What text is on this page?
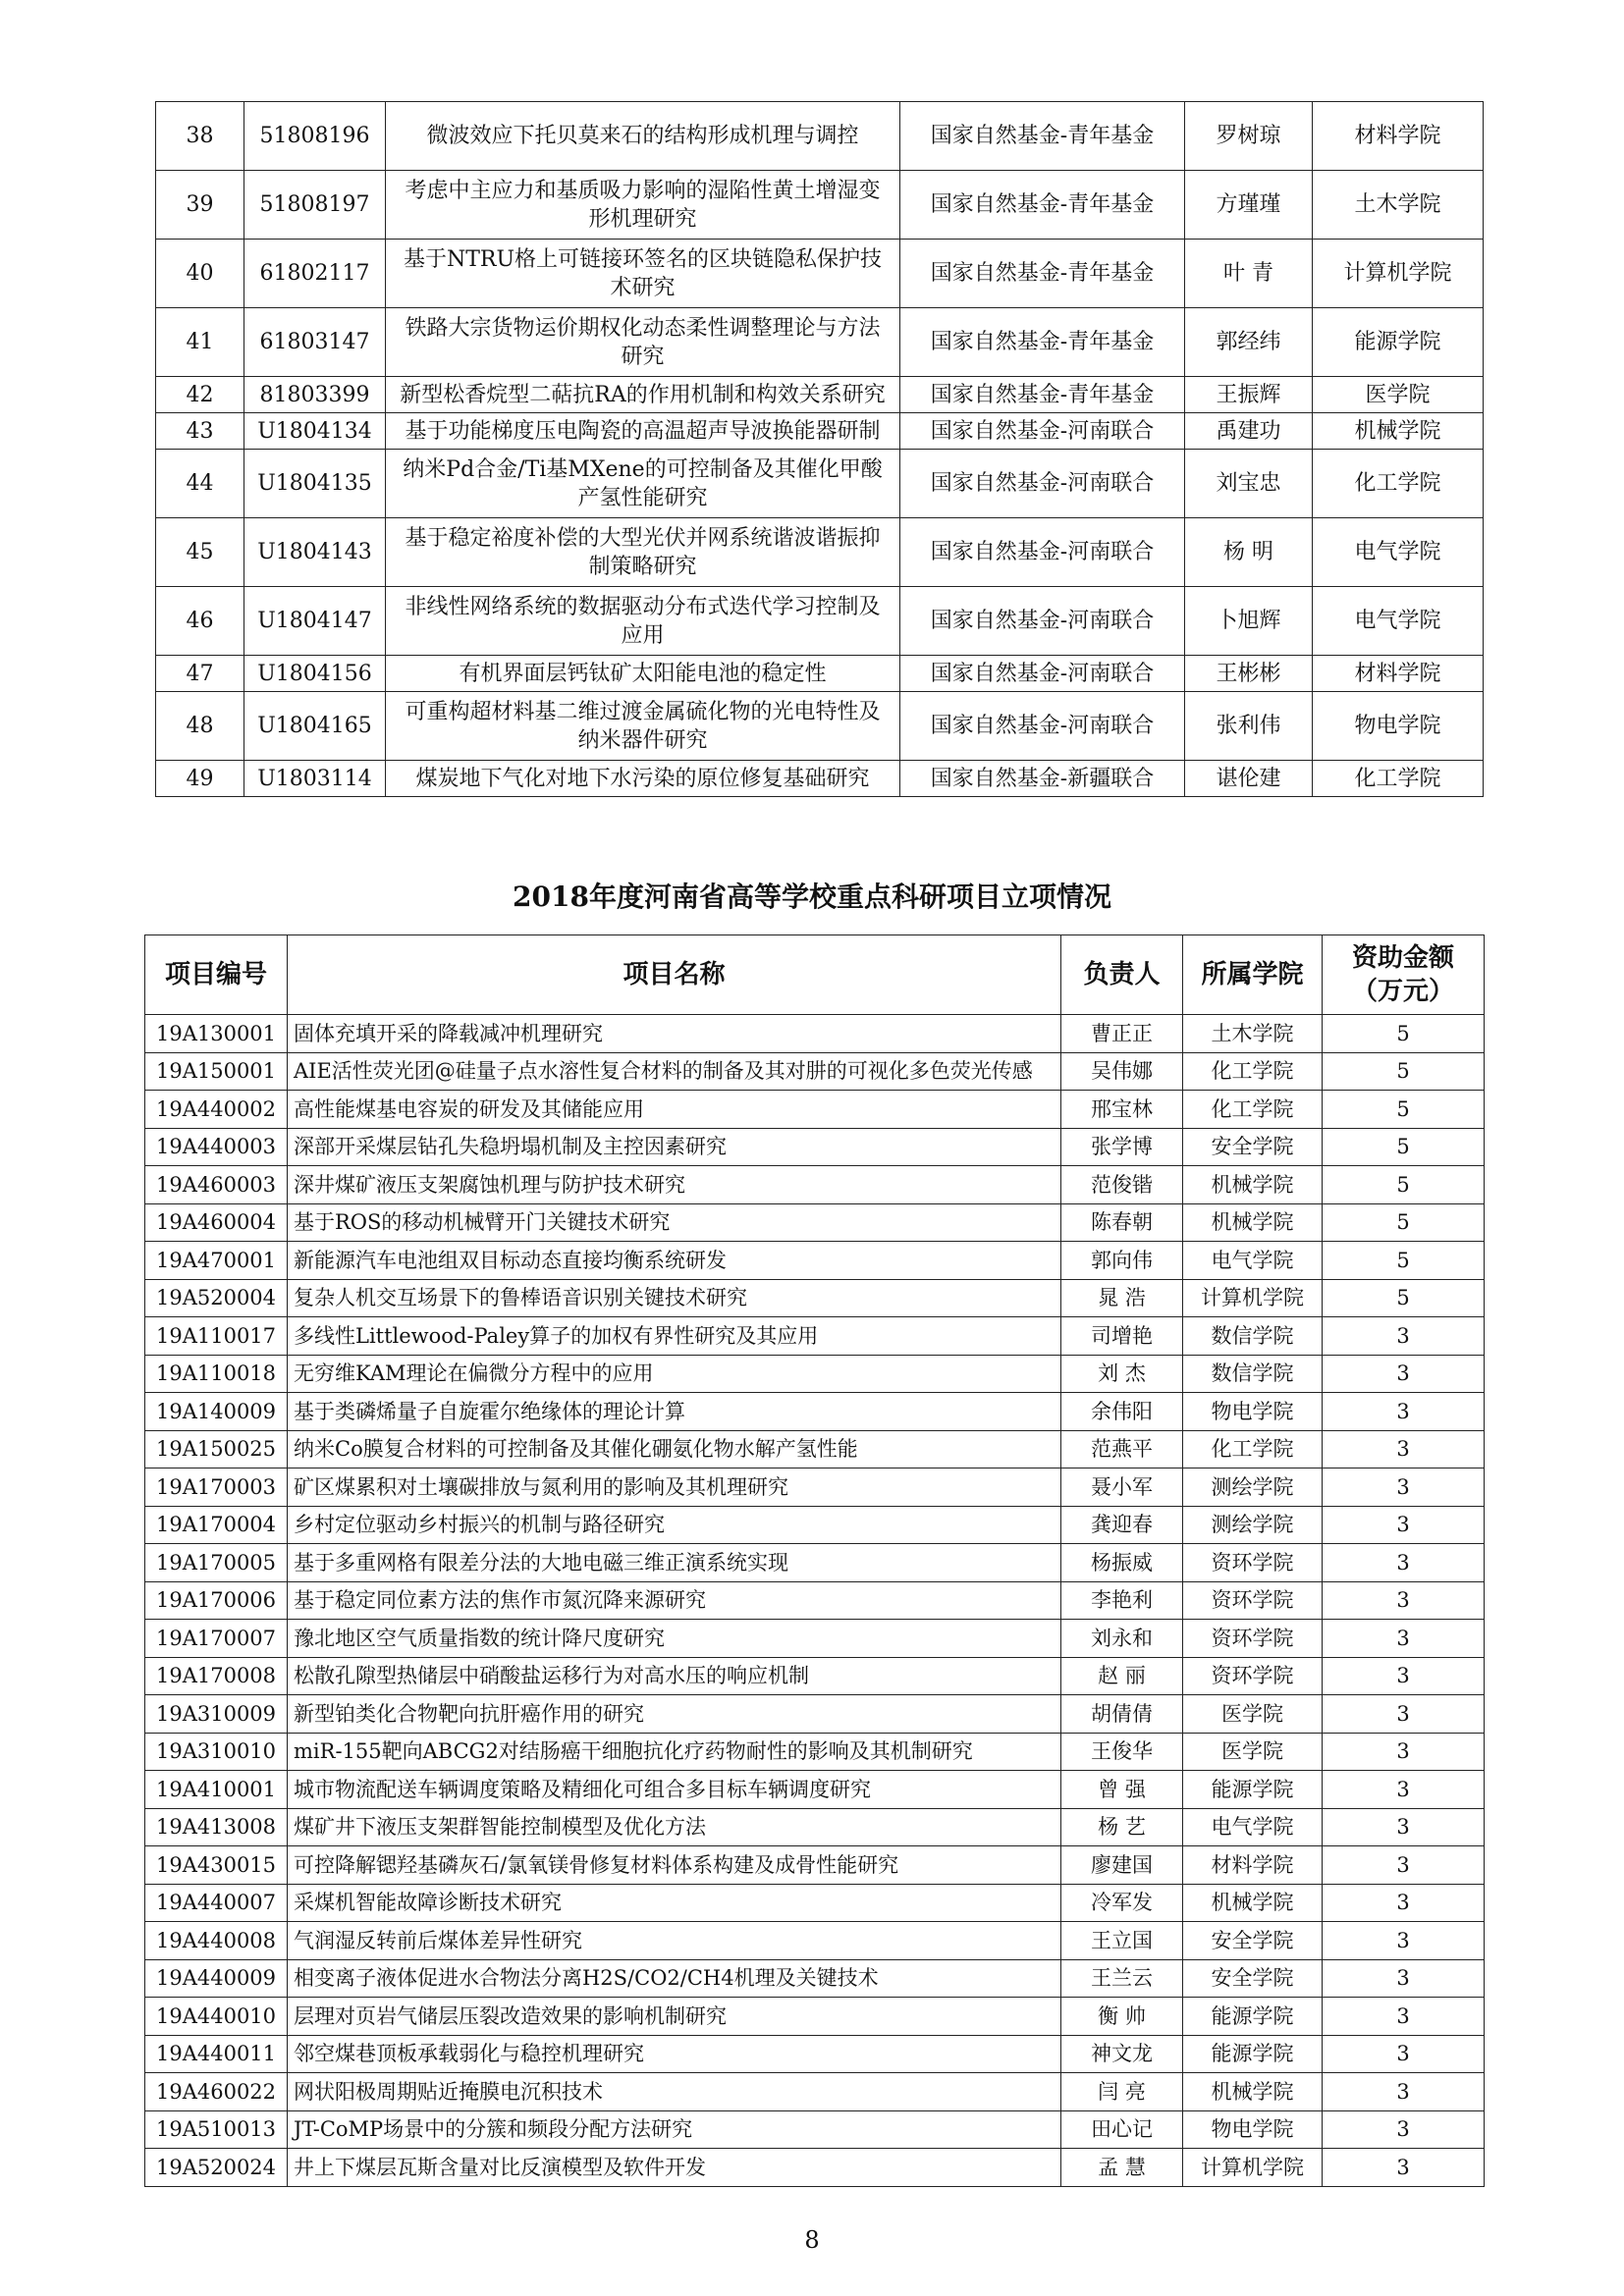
38	51808196	微波效应下托贝莫来石的结构形成机理与调控	国家自然基金-青年基金	罗树琼	材料学院
39	51808197	考虑中主应力和基质吸力影响的湿陷性黄土增湿变形机理研究	国家自然基金-青年基金	方瑾瑾	土木学院
40	61802117	基于NTRU格上可链接环签名的区块链隐私保护技术研究	国家自然基金-青年基金	叶 青	计算机学院
41	61803147	铁路大宗货物运价期权化动态柔性调整理论与方法研究	国家自然基金-青年基金	郭经纬	能源学院
42	81803399	新型松香烷型二萜抗RA的作用机制和构效关系研究	国家自然基金-青年基金	王振辉	医学院
43	U1804134	基于功能梯度压电陶瓷的高温超声导波换能器研制	国家自然基金-河南联合	禹建功	机械学院
44	U1804135	纳米Pd合金/Ti基MXene的可控制备及其催化甲酸产氢性能研究	国家自然基金-河南联合	刘宝忠	化工学院
45	U1804143	基于稳定裕度补偿的大型光伏并网系统谐波谐振抑制策略研究	国家自然基金-河南联合	杨 明	电气学院
46	U1804147	非线性网络系统的数据驱动分布式迭代学习控制及应用	国家自然基金-河南联合	卜旭辉	电气学院
47	U1804156	有机界面层钙钛矿太阳能电池的稳定性	国家自然基金-河南联合	王彬彬	材料学院
48	U1804165	可重构超材料基二维过渡金属硫化物的光电特性及纳米器件研究	国家自然基金-河南联合	张利伟	物电学院
49	U1803114	煤炭地下气化对地下水污染的原位修复基础研究	国家自然基金-新疆联合	谌伦建	化工学院
2018年度河南省高等学校重点科研项目立项情况
项目编号	项目名称	负责人	所属学院	资助金额（万元）
19A130001	固体充填开采的降载减冲机理研究	曹正正	土木学院	5
19A150001	AIE活性荧光团@硅量子点水溶性复合材料的制备及其对肼的可视化多色荧光传感	吴伟娜	化工学院	5
19A440002	高性能煤基电容炭的研发及其储能应用	邢宝林	化工学院	5
19A440003	深部开采煤层钻孔失稳坍塌机制及主控因素研究	张学博	安全学院	5
19A460003	深井煤矿液压支架腐蚀机理与防护技术研究	范俊锴	机械学院	5
19A460004	基于ROS的移动机械臂开门关键技术研究	陈春朝	机械学院	5
19A470001	新能源汽车电池组双目标动态直接均衡系统研发	郭向伟	电气学院	5
19A520004	复杂人机交互场景下的鲁棒语音识别关键技术研究	晁 浩	计算机学院	5
19A110017	多线性Littlewood-Paley算子的加权有界性研究及其应用	司增艳	数信学院	3
19A110018	无穷维KAM理论在偏微分方程中的应用	刘 杰	数信学院	3
19A140009	基于类磷烯量子自旋霍尔绝缘体的理论计算	余伟阳	物电学院	3
19A150025	纳米Co膜复合材料的可控制备及其催化硼氨化物水解产氢性能	范燕平	化工学院	3
19A170003	矿区煤累积对土壤碳排放与氮利用的影响及其机理研究	聂小军	测绘学院	3
19A170004	乡村定位驱动乡村振兴的机制与路径研究	龚迎春	测绘学院	3
19A170005	基于多重网格有限差分法的大地电磁三维正演系统实现	杨振威	资环学院	3
19A170006	基于稳定同位素方法的焦作市氮沉降来源研究	李艳利	资环学院	3
19A170007	豫北地区空气质量指数的统计降尺度研究	刘永和	资环学院	3
19A170008	松散孔隙型热储层中硝酸盐运移行为对高水压的响应机制	赵 丽	资环学院	3
19A310009	新型铂类化合物靶向抗肝癌作用的研究	胡倩倩	医学院	3
19A310010	miR-155靶向ABCG2对结肠癌干细胞抗化疗药物耐性的影响及其机制研究	王俊华	医学院	3
19A410001	城市物流配送车辆调度策略及精细化可组合多目标车辆调度研究	曾 强	能源学院	3
19A413008	煤矿井下液压支架群智能控制模型及优化方法	杨 艺	电气学院	3
19A430015	可控降解锶羟基磷灰石/氯氧镁骨修复材料体系构建及成骨性能研究	廖建国	材料学院	3
19A440007	采煤机智能故障诊断技术研究	冷军发	机械学院	3
19A440008	气润湿反转前后煤体差异性研究	王立国	安全学院	3
19A440009	相变离子液体促进水合物法分离H2S/CO2/CH4机理及关键技术	王兰云	安全学院	3
19A440010	层理对页岩气储层压裂改造效果的影响机制研究	衡 帅	能源学院	3
19A440011	邻空煤巷顶板承载弱化与稳控机理研究	神文龙	能源学院	3
19A460022	网状阳极周期贴近掩膜电沉积技术	闫 亮	机械学院	3
19A510013	JT-CoMP场景中的分簇和频段分配方法研究	田心记	物电学院	3
19A520024	井上下煤层瓦斯含量对比反演模型及软件开发	孟 慧	计算机学院	3
8
